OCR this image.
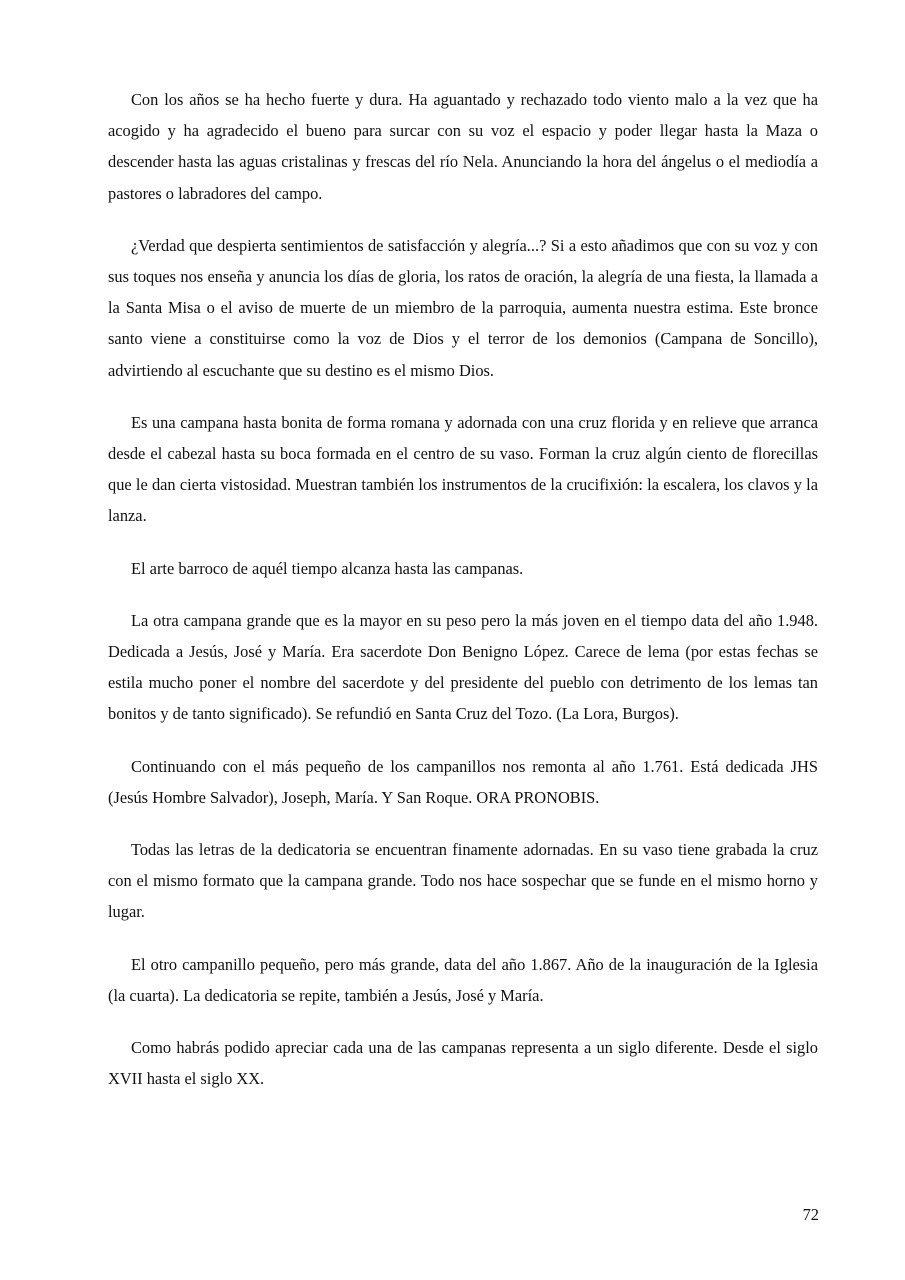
Con los años se ha hecho fuerte y dura. Ha aguantado y rechazado todo viento malo a la vez que ha acogido y ha agradecido el bueno para surcar con su voz el espacio y poder llegar hasta la Maza o descender hasta las aguas cristalinas y frescas del río Nela. Anunciando la hora del ángelus o el mediodía a pastores o labradores del campo.

¿Verdad que despierta sentimientos de satisfacción y alegría...? Si a esto añadimos que con su voz y con sus toques nos enseña y anuncia los días de gloria, los ratos de oración, la alegría de una fiesta, la llamada a la Santa Misa o el aviso de muerte de un miembro de la parroquia, aumenta nuestra estima. Este bronce santo viene a constituirse como la voz de Dios y el terror de los demonios (Campana de Soncillo), advirtiendo al escuchante que su destino es el mismo Dios.

Es una campana hasta bonita de forma romana y adornada con una cruz florida y en relieve que arranca desde el cabezal hasta su boca formada en el centro de su vaso. Forman la cruz algún ciento de florecillas que le dan cierta vistosidad. Muestran también los instrumentos de la crucifixión: la escalera, los clavos y la lanza.

El arte barroco de aquél tiempo alcanza hasta las campanas.

La otra campana grande que es la mayor en su peso pero la más joven en el tiempo data del año 1.948. Dedicada a Jesús, José y María. Era sacerdote Don Benigno López. Carece de lema (por estas fechas se estila mucho poner el nombre del sacerdote y del presidente del pueblo con detrimento de los lemas tan bonitos y de tanto significado). Se refundió en Santa Cruz del Tozo. (La Lora, Burgos).

Continuando con el más pequeño de los campanillos nos remonta al año 1.761. Está dedicada JHS (Jesús Hombre Salvador), Joseph, María. Y San Roque. ORA PRONOBIS.

Todas las letras de la dedicatoria se encuentran finamente adornadas. En su vaso tiene grabada la cruz con el mismo formato que la campana grande. Todo nos hace sospechar que se funde en el mismo horno y lugar.

El otro campanillo pequeño, pero más grande, data del año 1.867. Año de la inauguración de la Iglesia (la cuarta). La dedicatoria se repite, también a Jesús, José y María.

Como habrás podido apreciar cada una de las campanas representa a un siglo diferente. Desde el siglo XVII hasta el siglo XX.

72
